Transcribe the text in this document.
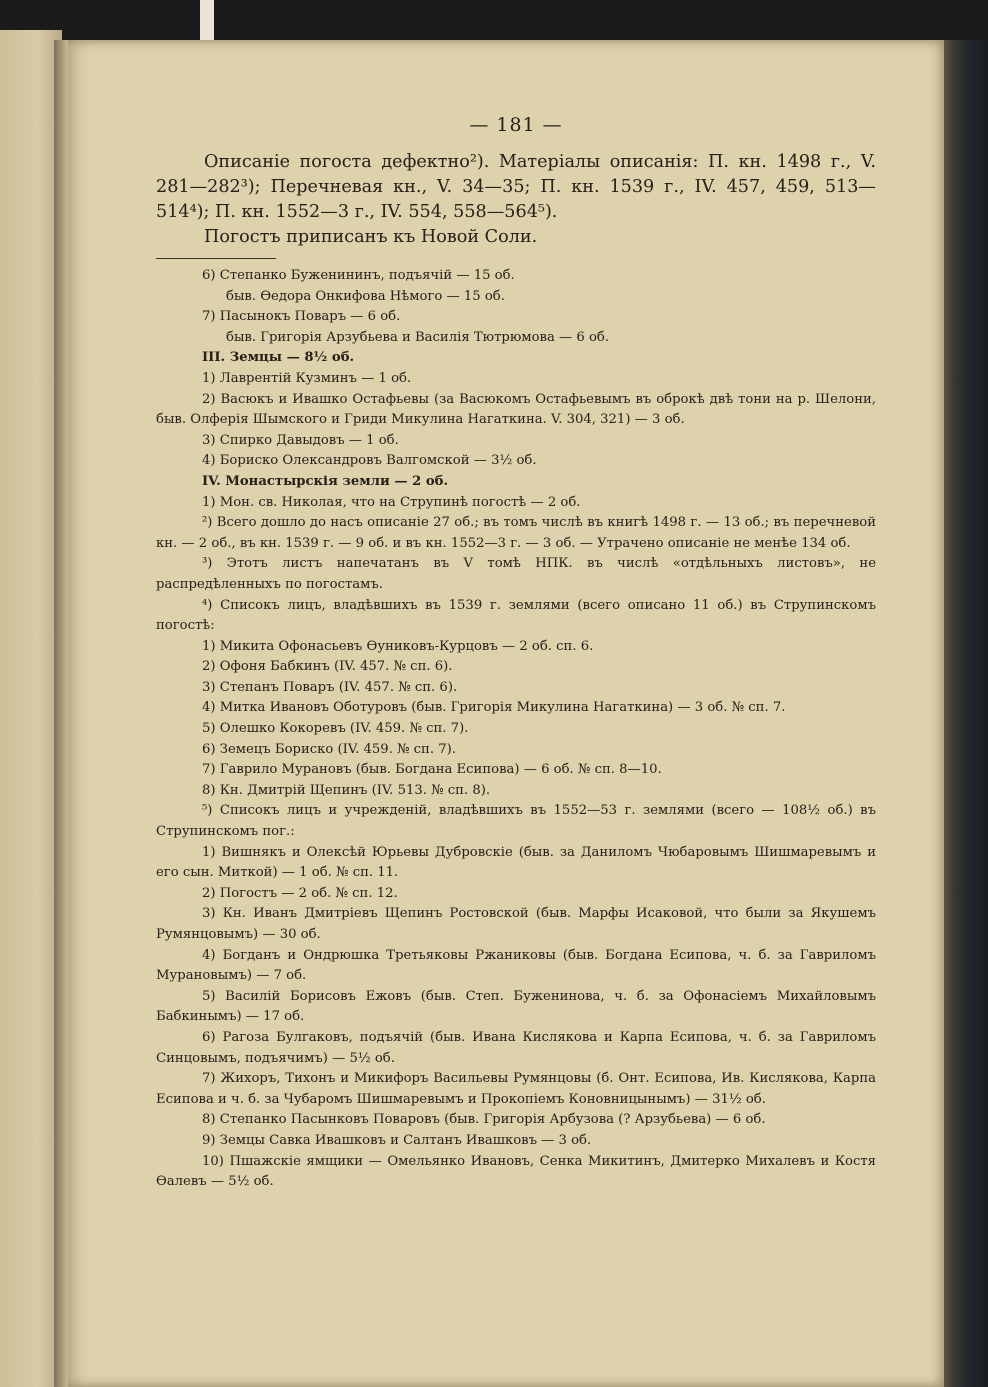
— 181 —

Описаніе погоста дефектно²). Матеріалы описанія: П. кн. 1498 г., V. 281—282³); Перечневая кн., V. 34—35; П. кн. 1539 г., IV. 457, 459, 513—514⁴); П. кн. 1552—3 г., IV. 554, 558—564⁵).

Погостъ приписанъ къ Новой Соли.

6) Степанко Буженининъ, подъячій — 15 об.

быв. Ѳедора Онкифова Нѣмого — 15 об.

7) Пасынокъ Поваръ — 6 об.

быв. Григорія Арзубьева и Василія Тютрюмова — 6 об.

III. Земцы — 8½ об.

1) Лаврентій Кузминъ — 1 об.

2) Васюкъ и Ивашко Остафьевы (за Васюкомъ Остафьевымъ въ оброкѣ двѣ тони на р. Шелони, быв. Олферія Шымского и Гриди Микулина Нагаткина. V. 304, 321) — 3 об.

3) Спирко Давыдовъ — 1 об.

4) Бориско Олександровъ Валгомской — 3½ об.

IV. Монастырскія земли — 2 об.

1) Мон. св. Николая, что на Струпинѣ погостѣ — 2 об.

²) Всего дошло до насъ описаніе 27 об.; въ томъ числѣ въ книгѣ 1498 г. — 13 об.; въ перечневой кн. — 2 об., въ кн. 1539 г. — 9 об. и въ кн. 1552—3 г. — 3 об. — Утрачено описаніе не менѣе 134 об.

³) Этотъ листъ напечатанъ въ V томѣ НПК. въ числѣ «отдѣльныхъ листовъ», не распредѣленныхъ по погостамъ.

⁴) Списокъ лицъ, владѣвшихъ въ 1539 г. землями (всего описано 11 об.) въ Струпинскомъ погостѣ:

1) Микита Офонасьевъ Ѳуниковъ-Курцовъ — 2 об. сп. 6.

2) Офоня Бабкинъ (IV. 457. № сп. 6).

3) Степанъ Поваръ (IV. 457. № сп. 6).

4) Митка Ивановъ Оботуровъ (быв. Григорія Микулина Нагаткина) — 3 об. № сп. 7.

5) Олешко Кокоревъ (IV. 459. № сп. 7).

6) Земецъ Бориско (IV. 459. № сп. 7).

7) Гаврило Мурановъ (быв. Богдана Есипова) — 6 об. № сп. 8—10.

8) Кн. Дмитрій Щепинъ (IV. 513. № сп. 8).

⁵) Списокъ лицъ и учрежденій, владѣвшихъ въ 1552—53 г. землями (всего — 108½ об.) въ Струпинскомъ пог.:

1) Вишнякъ и Олексѣй Юрьевы Дубровскіе (быв. за Даниломъ Чюбаровымъ Шишмаревымъ и его сын. Миткой) — 1 об. № сп. 11.

2) Погостъ — 2 об. № сп. 12.

3) Кн. Иванъ Дмитріевъ Щепинъ Ростовской (быв. Марфы Исаковой, что были за Якушемъ Румянцовымъ) — 30 об.

4) Богданъ и Ондрюшка Третьяковы Ржаниковы (быв. Богдана Есипова, ч. б. за Гавриломъ Мурановымъ) — 7 об.

5) Василій Борисовъ Ежовъ (быв. Степ. Буженинова, ч. б. за Офонасіемъ Михайловымъ Бабкинымъ) — 17 об.

6) Рагоза Булгаковъ, подъячій (быв. Ивана Кислякова и Карпа Есипова, ч. б. за Гавриломъ Синцовымъ, подъячимъ) — 5½ об.

7) Жихоръ, Тихонъ и Микифоръ Васильевы Румянцовы (б. Онт. Есипова, Ив. Кислякова, Карпа Есипова и ч. б. за Чубаромъ Шишмаревымъ и Прокопіемъ Коновницынымъ) — 31½ об.

8) Степанко Пасынковъ Поваровъ (быв. Григорія Арбузова (? Арзубьева) — 6 об.

9) Земцы Савка Ивашковъ и Салтанъ Ивашковъ — 3 об.

10) Пшажскіе ямщики — Омельянко Ивановъ, Сенка Микитинъ, Дмитерко Михалевъ и Костя Ѳалевъ — 5½ об.
